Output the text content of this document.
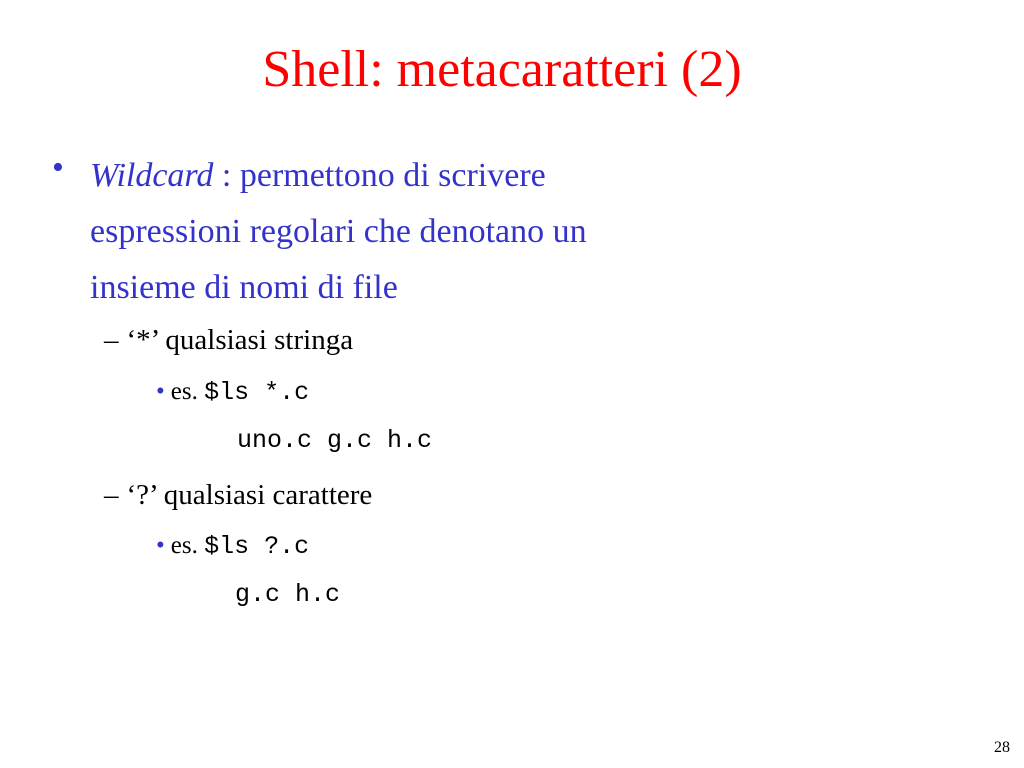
Shell: metacaratteri (2)
• Wildcard : permettono di scrivere
espressioni regolari che denotano un
insieme di nomi di file
– ‘*’ qualsiasi stringa
• es. $ls *.c
uno.c g.c h.c
– ‘?’ qualsiasi carattere
• es. $ls ?.c
g.c h.c
28
